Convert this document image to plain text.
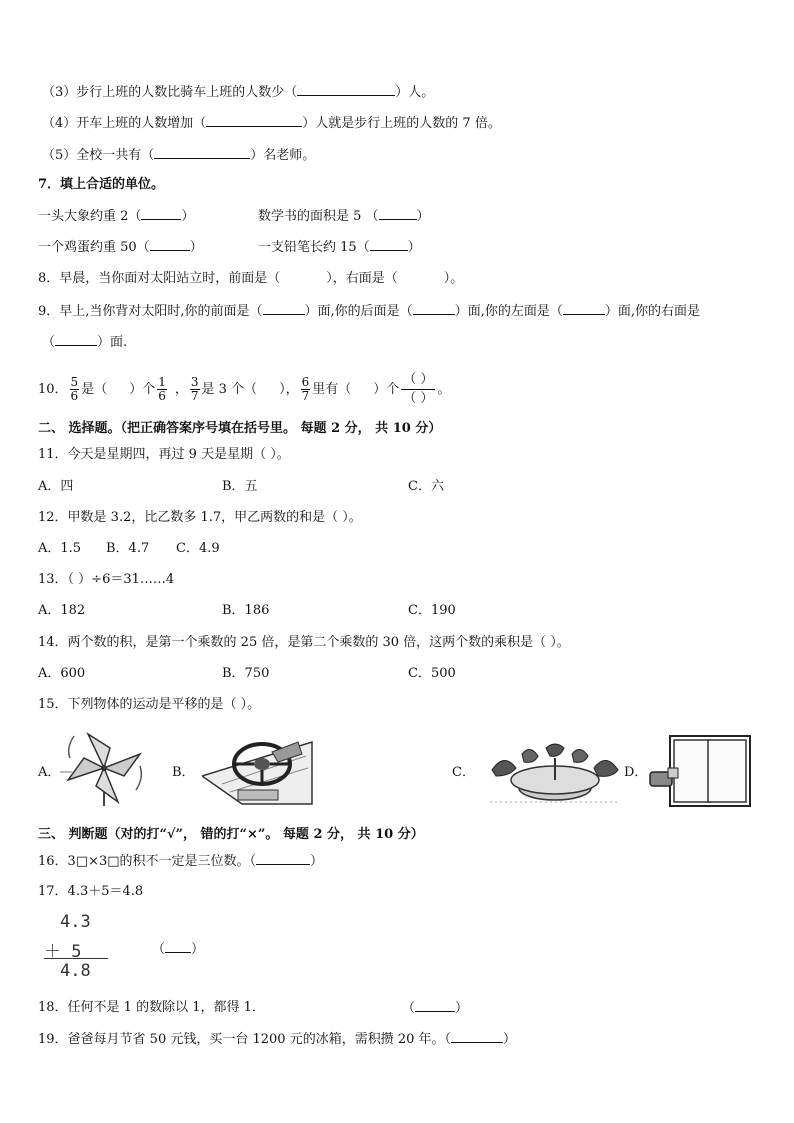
（3）步行上班的人数比骑车上班的人数少（	）人。
（4）开车上班的人数增加（	）人就是步行上班的人数的 7 倍。
（5）全校一共有（	）名老师。
7．填上合适的单位。
一头大象约重 2（	）	数学书的面积是 5 （	）
一个鸡蛋约重 50（	）	一支铅笔长约 15（	）
8．早晨，当你面对太阳站立时，前面是（	），右面是（	）。
9．早上,当你背对太阳时,你的前面是（	）面,你的后面是（	）面,你的左面是（	）面,你的右面是
（	）面.
10． $\frac{5}{6}$ 是（ ）个 $\frac{1}{6}$ ， $\frac{3}{7}$ 是 3 个（ ）， $\frac{6}{7}$ 里有（ ）个 $\frac{( )}{( )}$ 。
二、 选择题。（把正确答案序号填在括号里。 每题 2 分， 共 10 分）
11．今天是星期四，再过 9 天是星期（ ）。
A．四	B．五	C．六
12．甲数是 3.2，比乙数多 1.7，甲乙两数的和是（ ）。
A．1.5 B．4.7 C．4.9
13．（ ）÷6＝31……4
A．182	B．186	C．190
14．两个数的积，是第一个乘数的 25 倍，是第二个乘数的 30 倍，这两个数的乘积是（ ）。
A．600	B．750	C．500
15．下列物体的运动是平移的是（ ）。
A．	B．	C．	D．
三、 判断题（对的打“√”， 错的打“×”。 每题 2 分， 共 10 分）
16．3□×3□的积不一定是三位数。（	）
17．4.3＋5＝4.8
4.3
＋ 5
4.8
（ ）
18．任何不是 1 的数除以 1，都得 1．	（	）
19．爸爸每月节省 50 元钱，买一台 1200 元的冰箱，需积攒 20 年。（	）
